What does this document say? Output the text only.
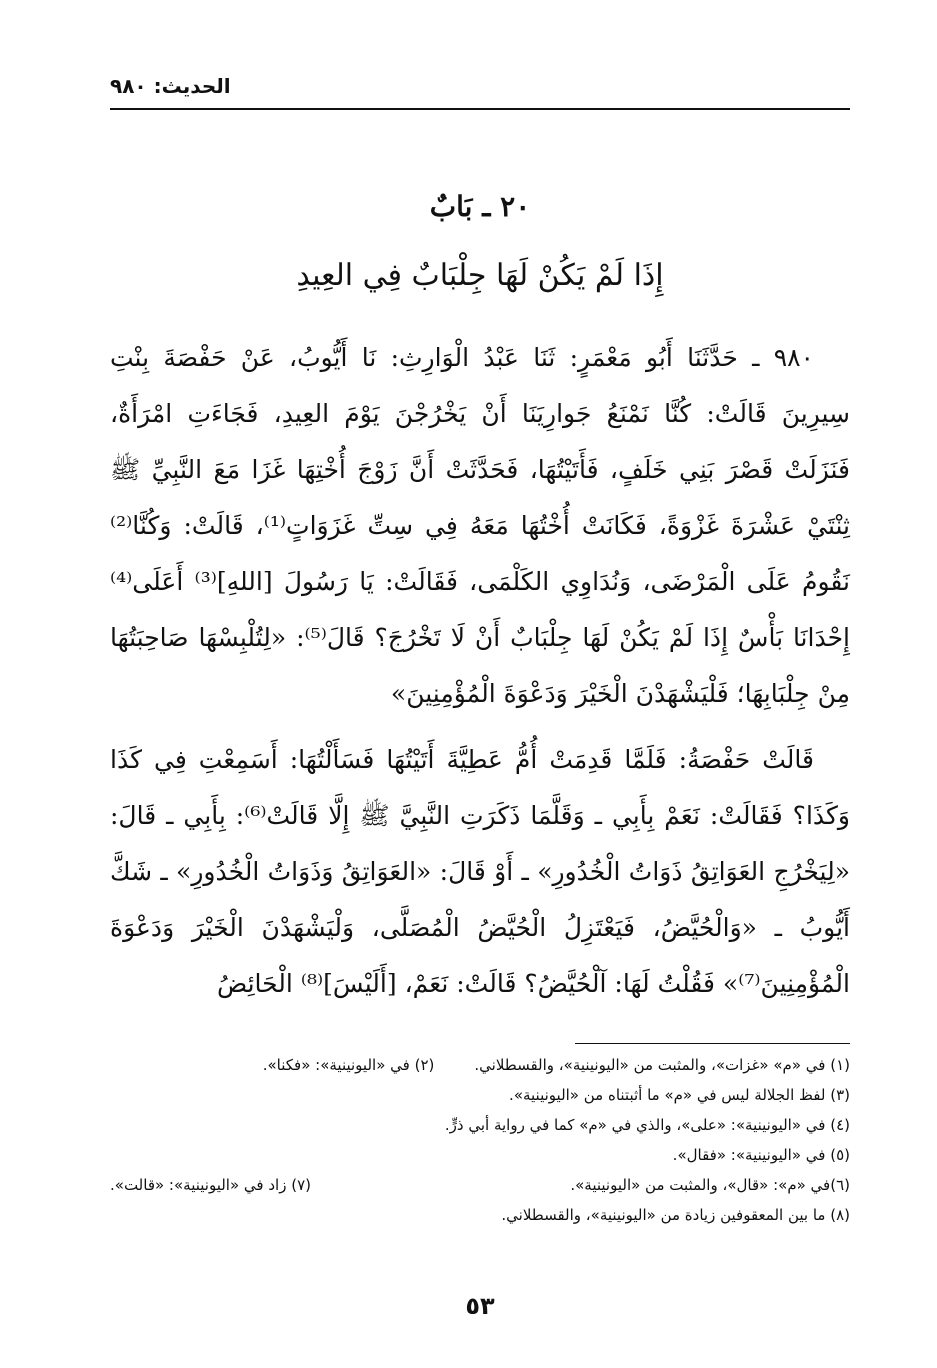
الحديث: ٩٨٠
٢٠ ـ بَابٌ
إِذَا لَمْ يَكُنْ لَهَا جِلْبَابٌ فِي العِيدِ

٩٨٠ ـ حَدَّثَنَا أَبُو مَعْمَرٍ: ثَنَا عَبْدُ الْوَارِثِ: نَا أَيُّوبُ، عَنْ حَفْصَةَ بِنْتِ سِيرِينَ قَالَتْ: كُنَّا نَمْنَعُ جَوارِيَنَا أَنْ يَخْرُجْنَ يَوْمَ العِيدِ، فَجَاءَتِ امْرَأَةٌ، فَنَزَلَتْ قَصْرَ بَنِي خَلَفٍ، فَأَتَيْتُهَا، فَحَدَّثَتْ أَنَّ زَوْجَ أُخْتِهَا غَزَا مَعَ النَّبِيِّ ﷺ ثِنْتَيْ عَشْرَةَ غَزْوَةً، فَكَانَتْ أُخْتُهَا مَعَهُ فِي سِتِّ غَزَوَاتٍ⁽¹⁾، قَالَتْ: وَكُنَّا⁽²⁾ نَقُومُ عَلَى الْمَرْضَى، وَنُدَاوِي الكَلْمَى، فَقَالَتْ: يَا رَسُولَ [اللهِ]⁽³⁾ أَعَلَى⁽⁴⁾ إِحْدَانَا بَأْسٌ إِذَا لَمْ يَكُنْ لَهَا جِلْبَابٌ أَنْ لَا تَخْرُجَ؟ قَالَ⁽⁵⁾: «لِتُلْبِسْهَا صَاحِبَتُهَا مِنْ جِلْبَابِهَا؛ فَلْيَشْهَدْنَ الْخَيْرَ وَدَعْوَةَ الْمُؤْمِنِينَ»

قَالَتْ حَفْصَةُ: فَلَمَّا قَدِمَتْ أُمُّ عَطِيَّةَ أَتَيْتُهَا فَسَأَلْتُهَا: أَسَمِعْتِ فِي كَذَا وَكَذَا؟ فَقَالَتْ: نَعَمْ بِأَبِي ـ وَقَلَّمَا ذَكَرَتِ النَّبِيَّ ﷺ إِلَّا قَالَتْ⁽⁶⁾: بِأَبِي ـ قَالَ: «لِيَخْرُجِ العَوَاتِقُ ذَوَاتُ الْخُدُورِ» ـ أَوْ قَالَ: «العَوَاتِقُ وَذَوَاتُ الْخُدُورِ» ـ شَكَّ أَيُّوبُ ـ «وَالْحُيَّضُ، فَيَعْتَزِلُ الْحُيَّضُ الْمُصَلَّى، وَلْيَشْهَدْنَ الْخَيْرَ وَدَعْوَةَ الْمُؤْمِنِينَ⁽⁷⁾» فَقُلْتُ لَهَا: آلْحُيَّضُ؟ قَالَتْ: نَعَمْ، [أَلَيْسَ]⁽⁸⁾ الْحَائِضُ

(١) في «م» «غزات»، والمثبت من «اليونينية»، والقسطلاني.
(٢) في «اليونينية»: «فكنا».
(٣) لفظ الجلالة ليس في «م» ما أثبتناه من «اليونينية».
(٤) في «اليونينية»: «على»، والذي في «م» كما في رواية أبي ذرٍّ.
(٥) في «اليونينية»: «فقال».
(٦)في «م»: «قال»، والمثبت من «اليونينية».
(٧) زاد في «اليونينية»: «قالت».
(٨) ما بين المعقوفين زيادة من «اليونينية»، والقسطلاني.
٥٣
